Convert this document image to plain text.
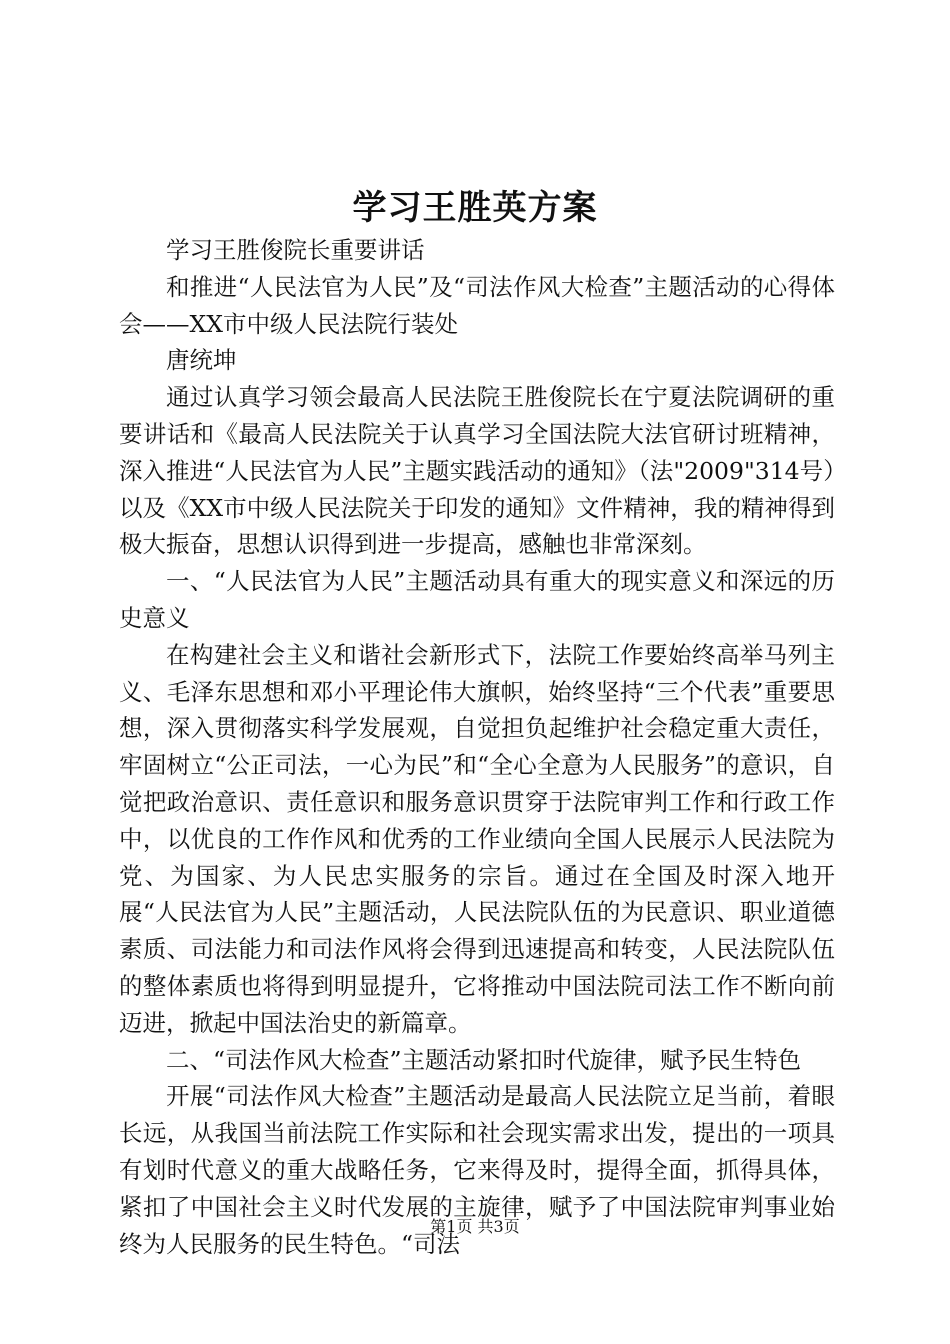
学习王胜英方案

学习王胜俊院长重要讲话

和推进“人民法官为人民”及“司法作风大检查”主题活动的心得体会——XX市中级人民法院行装处

唐统坤

通过认真学习领会最高人民法院王胜俊院长在宁夏法院调研的重要讲话和《最高人民法院关于认真学习全国法院大法官研讨班精神，深入推进“人民法官为人民”主题实践活动的通知》（法"2009"314号）以及《XX市中级人民法院关于印发的通知》文件精神，我的精神得到极大振奋，思想认识得到进一步提高，感触也非常深刻。

一、“人民法官为人民”主题活动具有重大的现实意义和深远的历史意义

在构建社会主义和谐社会新形式下，法院工作要始终高举马列主义、毛泽东思想和邓小平理论伟大旗帜，始终坚持“三个代表”重要思想，深入贯彻落实科学发展观，自觉担负起维护社会稳定重大责任，牢固树立“公正司法，一心为民”和“全心全意为人民服务”的意识，自觉把政治意识、责任意识和服务意识贯穿于法院审判工作和行政工作中，以优良的工作作风和优秀的工作业绩向全国人民展示人民法院为党、为国家、为人民忠实服务的宗旨。通过在全国及时深入地开展“人民法官为人民”主题活动，人民法院队伍的为民意识、职业道德素质、司法能力和司法作风将会得到迅速提高和转变，人民法院队伍的整体素质也将得到明显提升，它将推动中国法院司法工作不断向前迈进，掀起中国法治史的新篇章。

二、“司法作风大检查”主题活动紧扣时代旋律，赋予民生特色

开展“司法作风大检查”主题活动是最高人民法院立足当前，着眼长远，从我国当前法院工作实际和社会现实需求出发，提出的一项具有划时代意义的重大战略任务，它来得及时，提得全面，抓得具体，紧扣了中国社会主义时代发展的主旋律，赋予了中国法院审判事业始终为人民服务的民生特色。“司法

第1页 共3页
